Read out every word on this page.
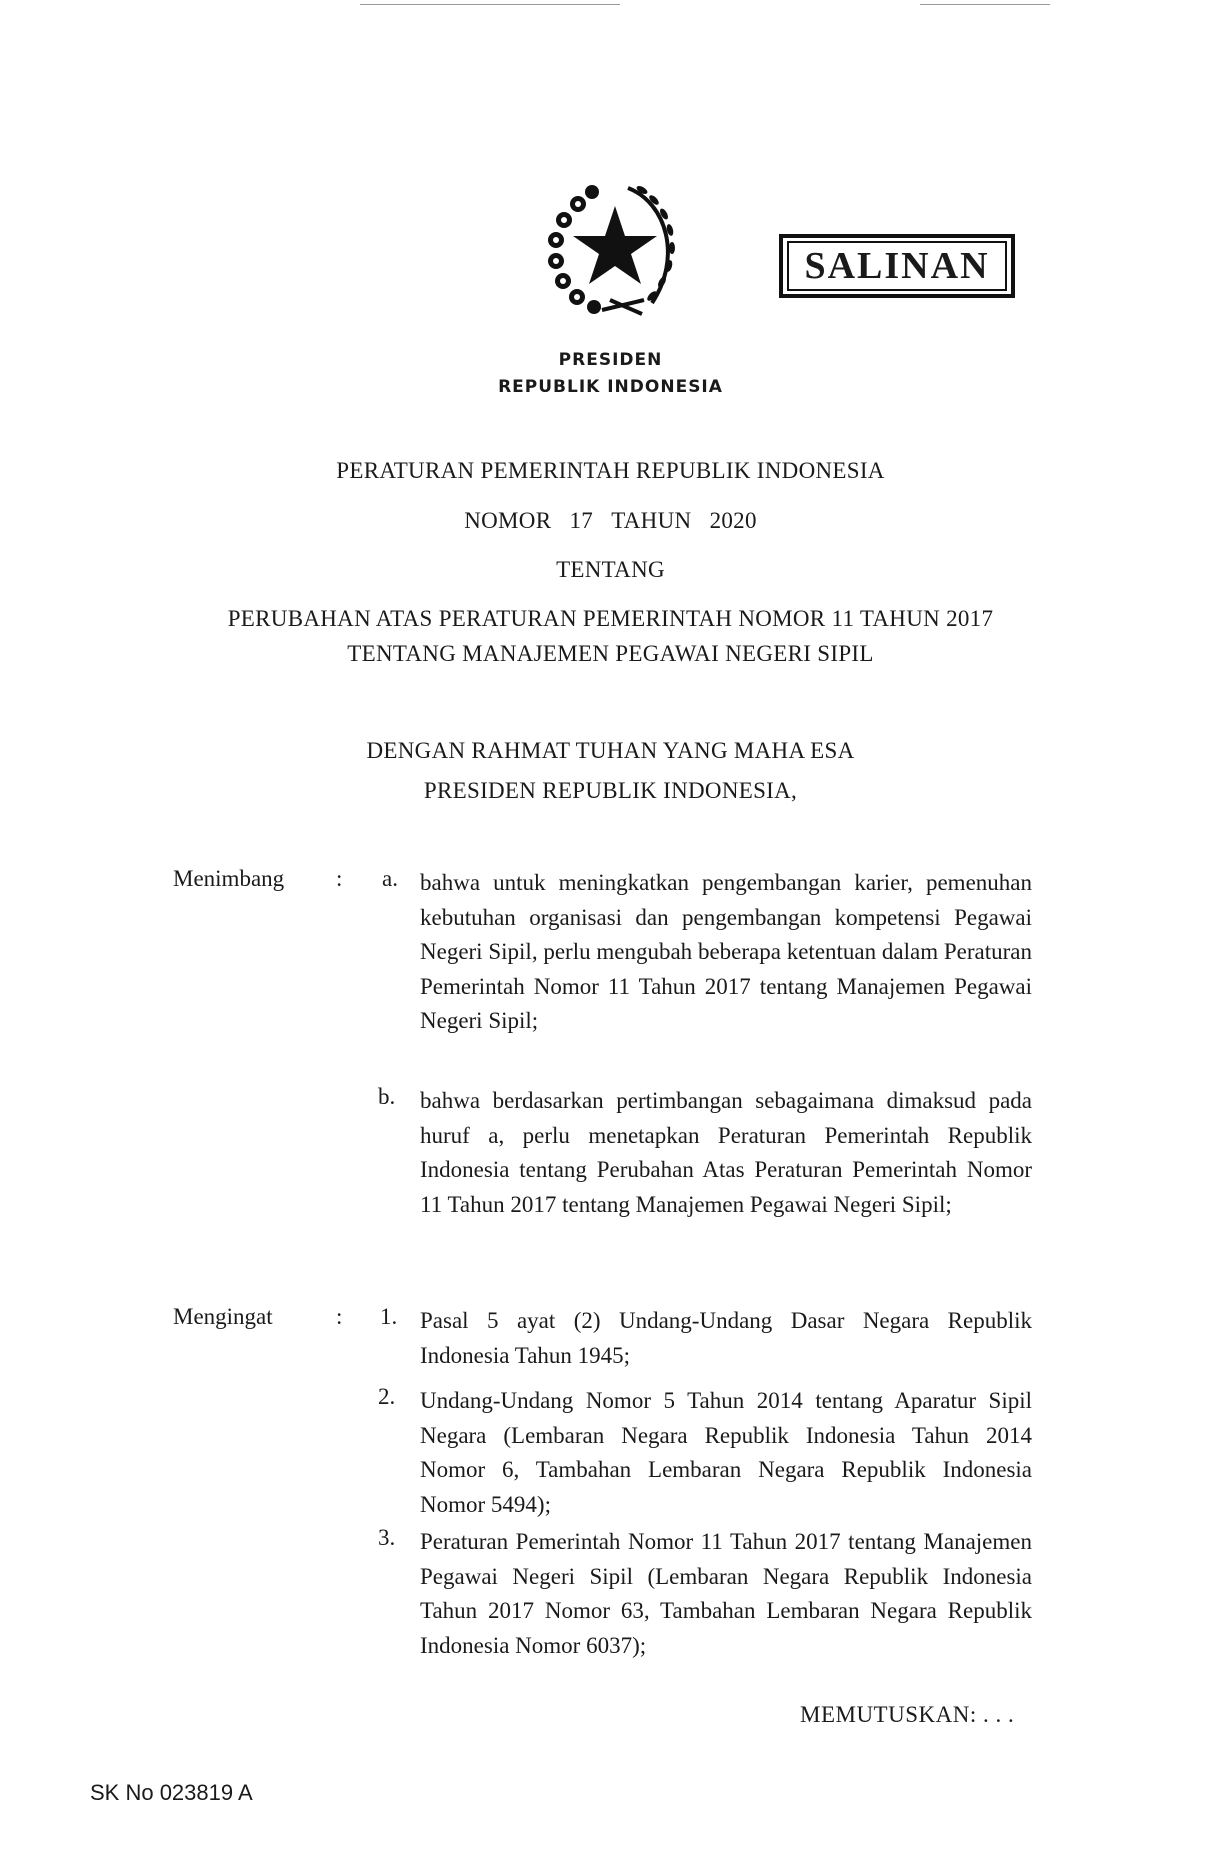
SALINAN
PRESIDEN
REPUBLIK INDONESIA
PERATURAN PEMERINTAH REPUBLIK INDONESIA
NOMOR 17 TAHUN 2020
TENTANG
PERUBAHAN ATAS PERATURAN PEMERINTAH NOMOR 11 TAHUN 2017
TENTANG MANAJEMEN PEGAWAI NEGERI SIPIL
DENGAN RAHMAT TUHAN YANG MAHA ESA
PRESIDEN REPUBLIK INDONESIA,
Menimbang : a. bahwa untuk meningkatkan pengembangan karier, pemenuhan kebutuhan organisasi dan pengembangan kompetensi Pegawai Negeri Sipil, perlu mengubah beberapa ketentuan dalam Peraturan Pemerintah Nomor 11 Tahun 2017 tentang Manajemen Pegawai Negeri Sipil;
b. bahwa berdasarkan pertimbangan sebagaimana dimaksud pada huruf a, perlu menetapkan Peraturan Pemerintah Republik Indonesia tentang Perubahan Atas Peraturan Pemerintah Nomor 11 Tahun 2017 tentang Manajemen Pegawai Negeri Sipil;
Mengingat	: 1. Pasal 5 ayat (2) Undang-Undang Dasar Negara Republik Indonesia Tahun 1945;
2. Undang-Undang Nomor 5 Tahun 2014 tentang Aparatur Sipil Negara (Lembaran Negara Republik Indonesia Tahun 2014 Nomor 6, Tambahan Lembaran Negara Republik Indonesia Nomor 5494);
3. Peraturan Pemerintah Nomor 11 Tahun 2017 tentang Manajemen Pegawai Negeri Sipil (Lembaran Negara Republik Indonesia Tahun 2017 Nomor 63, Tambahan Lembaran Negara Republik Indonesia Nomor 6037);
MEMUTUSKAN: . . .
SK No 023819 A
